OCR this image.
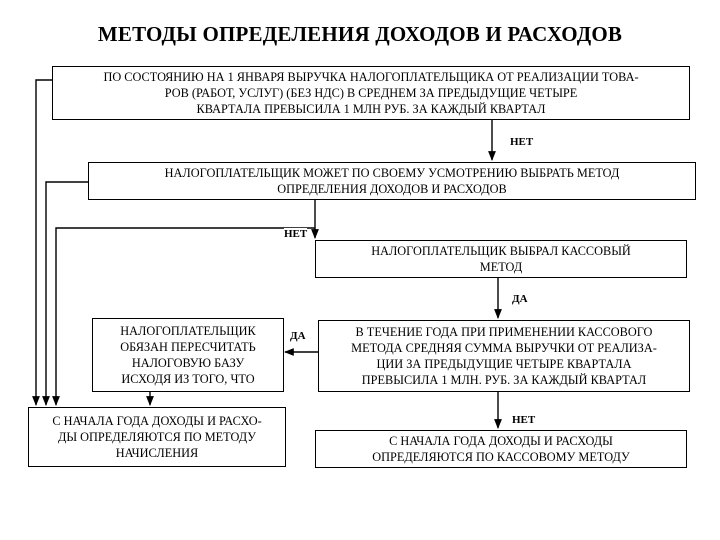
МЕТОДЫ ОПРЕДЕЛЕНИЯ ДОХОДОВ И РАСХОДОВ
ПО СОСТОЯНИЮ НА 1 ЯНВАРЯ ВЫРУЧКА НАЛОГОПЛАТЕЛЬЩИКА ОТ РЕАЛИЗАЦИИ ТОВА-
РОВ (РАБОТ, УСЛУГ) (БЕЗ НДС) В СРЕДНЕМ ЗА ПРЕДЫДУЩИЕ ЧЕТЫРЕ
КВАРТАЛА ПРЕВЫСИЛА 1 МЛН РУБ. ЗА КАЖДЫЙ КВАРТАЛ
НЕТ
НАЛОГОПЛАТЕЛЬЩИК МОЖЕТ ПО СВОЕМУ УСМОТРЕНИЮ ВЫБРАТЬ МЕТОД
ОПРЕДЕЛЕНИЯ ДОХОДОВ И РАСХОДОВ
НЕТ
НАЛОГОПЛАТЕЛЬЩИК ВЫБРАЛ КАССОВЫЙ
МЕТОД
ДА
НАЛОГОПЛАТЕЛЬЩИК
ОБЯЗАН ПЕРЕСЧИТАТЬ
НАЛОГОВУЮ БАЗУ
ИСХОДЯ ИЗ ТОГО, ЧТО
ДА	В ТЕЧЕНИЕ ГОДА ПРИ ПРИМЕНЕНИИ КАССОВОГО
МЕТОДА СРЕДНЯЯ СУММА ВЫРУЧКИ ОТ РЕАЛИЗА-
ЦИИ ЗА ПРЕДЫДУЩИЕ ЧЕТЫРЕ КВАРТАЛА
ПРЕВЫСИЛА 1 МЛН. РУБ. ЗА КАЖДЫЙ КВАРТАЛ
НЕТ
С НАЧАЛА ГОДА ДОХОДЫ И РАСХО-
ДЫ ОПРЕДЕЛЯЮТСЯ ПО МЕТОДУ
НАЧИСЛЕНИЯ
С НАЧАЛА ГОДА ДОХОДЫ И РАСХОДЫ
ОПРЕДЕЛЯЮТСЯ ПО КАССОВОМУ МЕТОДУ
